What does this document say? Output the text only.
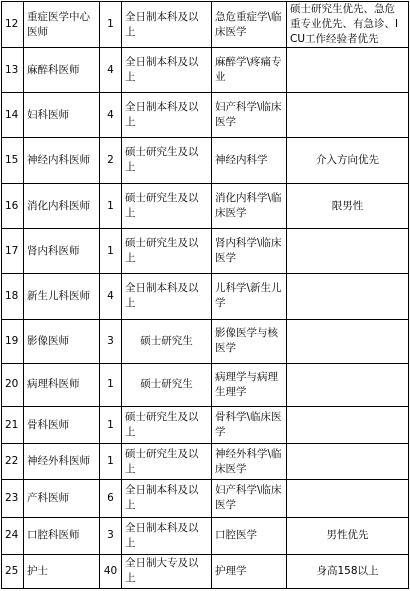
12	重症医学中心医师	1	全日制本科及以上	急危重症学\临床医学	硕士研究生优先、急危重专业优先、有急诊、ICU工作经验者优先
13	麻醉科医师	4	全日制本科及以上	麻醉学\疼痛专业	
14	妇科医师	4	全日制本科及以上	妇产科学\临床医学	
15	神经内科医师	2	硕士研究生及以上	神经内科学	介入方向优先
16	消化内科医师	1	硕士研究生及以上	消化内科学\临床医学	限男性
17	肾内科医师	1	硕士研究生及以上	肾内科学\临床医学	
18	新生儿科医师	4	全日制本科及以上	儿科学\新生儿学	
19	影像医师	3	硕士研究生	影像医学与核医学	
20	病理科医师	1	硕士研究生	病理学与病理生理学	
21	骨科医师	1	硕士研究生及以上	骨科学\临床医学	
22	神经外科医师	1	硕士研究生及以上	神经外科学\临床医学	
23	产科医师	6	全日制本科及以上	妇产科学\临床医学	
24	口腔科医师	3	全日制本科及以上	口腔医学	男性优先
25	护士	40	全日制大专及以上	护理学	身高158以上
